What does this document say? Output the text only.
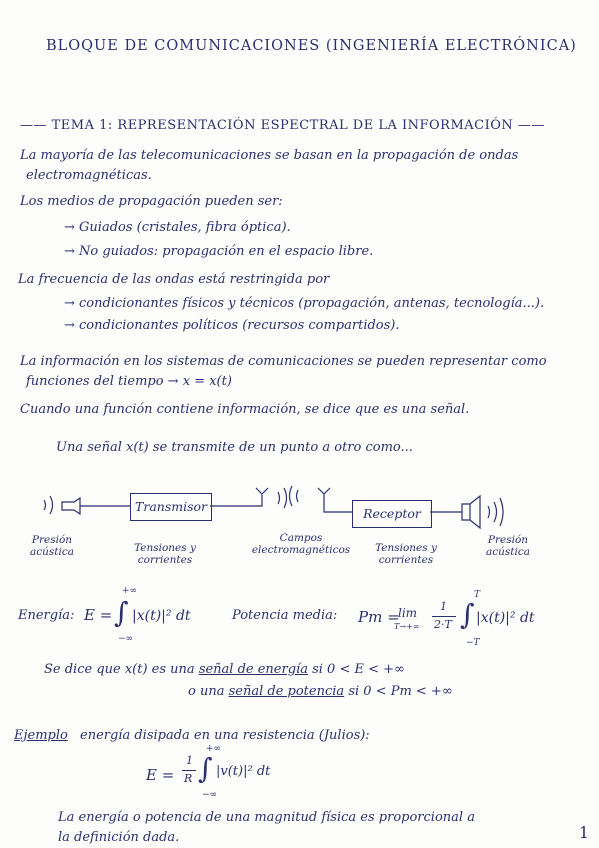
BLOQUE DE COMUNICACIONES (INGENIERÍA ELECTRÓNICA)
—— TEMA 1: REPRESENTACIÓN ESPECTRAL DE LA INFORMACIÓN ——
La mayoría de las telecomunicaciones se basan en la propagación de ondas
electromagnéticas.
Los medios de propagación pueden ser:
→ Guiados (cristales, fibra óptica).
→ No guiados: propagación en el espacio libre.
La frecuencia de las ondas está restringida por
→ condicionantes físicos y técnicos (propagación, antenas, tecnología...).
→ condicionantes políticos (recursos compartidos).
La información en los sistemas de comunicaciones se pueden representar como
funciones del tiempo → x = x(t)
Cuando una función contiene información, se dice que es una señal.
Una señal x(t) se transmite de un punto a otro como...
Transmisor	Receptor
Presión acústica	Tensiones y corrientes
Campos electromagnéticos	Tensiones y corrientes
Presión acústica
Energía: E = ∫
+∞
−∞
|x(t)|² dt	Potencia media: Pm =
lim
T→+∞
1
2·T ∫
T
−T
|x(t)|² dt
Se dice que x(t) es una señal de energía si 0 < E < +∞
o una señal de potencia si 0 < Pm < +∞
Ejemplo energía disipada en una resistencia (Julios):
E =
1
R ∫
+∞
−∞
|v(t)|² dt
La energía o potencia de una magnitud física es proporcional a
la definición dada.	1
